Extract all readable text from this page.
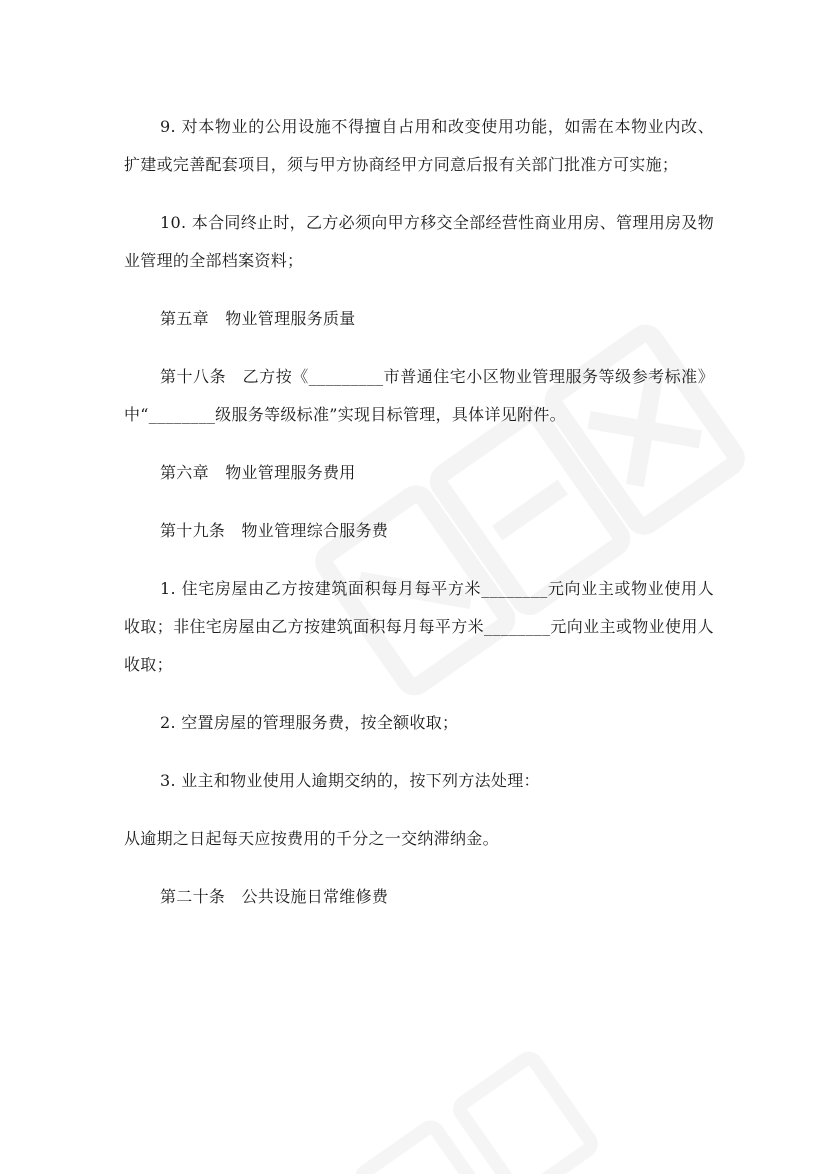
9. 对本物业的公用设施不得擅自占用和改变使用功能，如需在本物业内改、扩建或完善配套项目，须与甲方协商经甲方同意后报有关部门批准方可实施；

10. 本合同终止时，乙方必须向甲方移交全部经营性商业用房、管理用房及物业管理的全部档案资料；

第五章　物业管理服务质量

第十八条　乙方按《_________市普通住宅小区物业管理服务等级参考标准》中“________级服务等级标准”实现目标管理，具体详见附件。

第六章　物业管理服务费用

第十九条　物业管理综合服务费

1. 住宅房屋由乙方按建筑面积每月每平方米________元向业主或物业使用人收取；非住宅房屋由乙方按建筑面积每月每平方米________元向业主或物业使用人收取；

2. 空置房屋的管理服务费，按全额收取；

3. 业主和物业使用人逾期交纳的，按下列方法处理：

从逾期之日起每天应按费用的千分之一交纳滞纳金。

第二十条　公共设施日常维修费
